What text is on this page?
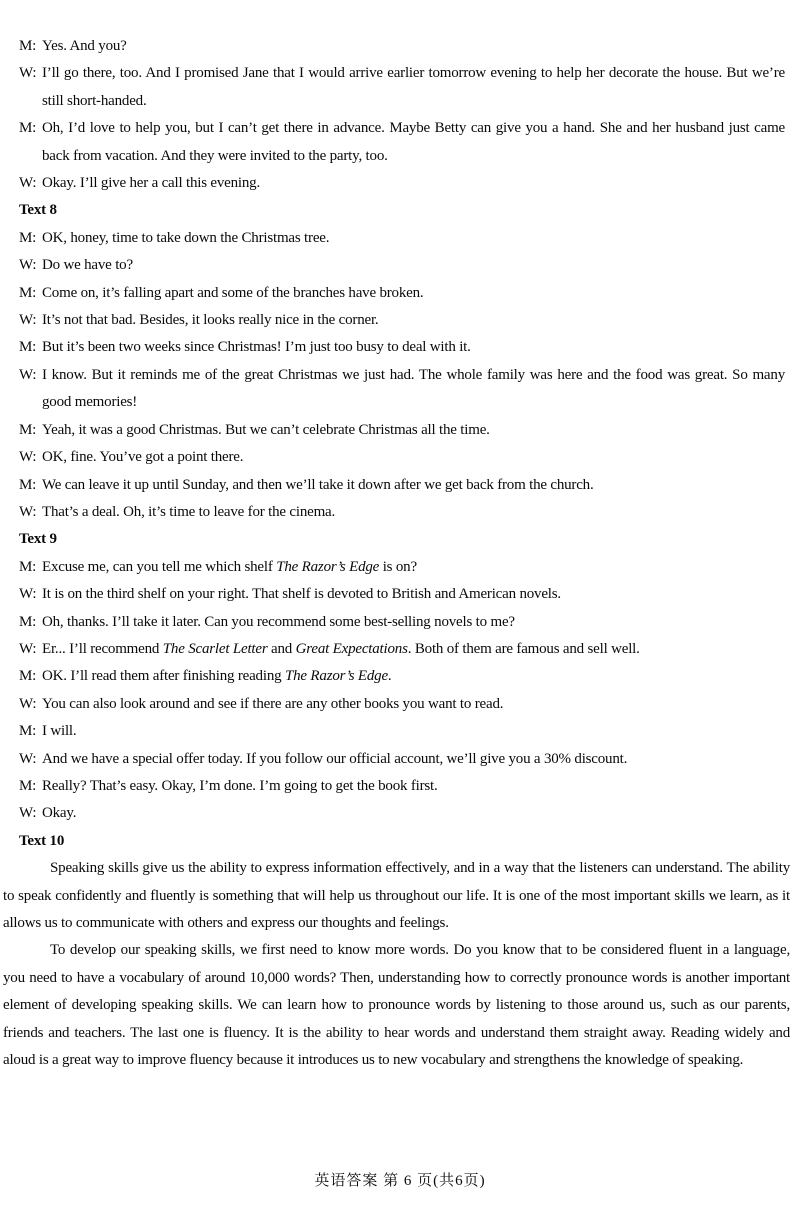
M: Yes. And you?
W: I’ll go there, too. And I promised Jane that I would arrive earlier tomorrow evening to help her decorate the house. But we’re still short-handed.
M: Oh, I’d love to help you, but I can’t get there in advance. Maybe Betty can give you a hand. She and her husband just came back from vacation. And they were invited to the party, too.
W: Okay. I’ll give her a call this evening.
Text 8
M: OK, honey, time to take down the Christmas tree.
W: Do we have to?
M: Come on, it’s falling apart and some of the branches have broken.
W: It’s not that bad. Besides, it looks really nice in the corner.
M: But it’s been two weeks since Christmas! I’m just too busy to deal with it.
W: I know. But it reminds me of the great Christmas we just had. The whole family was here and the food was great. So many good memories!
M: Yeah, it was a good Christmas. But we can’t celebrate Christmas all the time.
W: OK, fine. You’ve got a point there.
M: We can leave it up until Sunday, and then we’ll take it down after we get back from the church.
W: That’s a deal. Oh, it’s time to leave for the cinema.
Text 9
M: Excuse me, can you tell me which shelf The Razor’s Edge is on?
W: It is on the third shelf on your right. That shelf is devoted to British and American novels.
M: Oh, thanks. I’ll take it later. Can you recommend some best-selling novels to me?
W: Er... I’ll recommend The Scarlet Letter and Great Expectations. Both of them are famous and sell well.
M: OK. I’ll read them after finishing reading The Razor’s Edge.
W: You can also look around and see if there are any other books you want to read.
M: I will.
W: And we have a special offer today. If you follow our official account, we’ll give you a 30% discount.
M: Really? That’s easy. Okay, I’m done. I’m going to get the book first.
W: Okay.
Text 10
Speaking skills give us the ability to express information effectively, and in a way that the listeners can understand. The ability to speak confidently and fluently is something that will help us throughout our life. It is one of the most important skills we learn, as it allows us to communicate with others and express our thoughts and feelings.
To develop our speaking skills, we first need to know more words. Do you know that to be considered fluent in a language, you need to have a vocabulary of around 10,000 words? Then, understanding how to correctly pronounce words is another important element of developing speaking skills. We can learn how to pronounce words by listening to those around us, such as our parents, friends and teachers. The last one is fluency. It is the ability to hear words and understand them straight away. Reading widely and aloud is a great way to improve fluency because it introduces us to new vocabulary and strengthens the knowledge of speaking.
英语答案 第 6 页(共6页)
